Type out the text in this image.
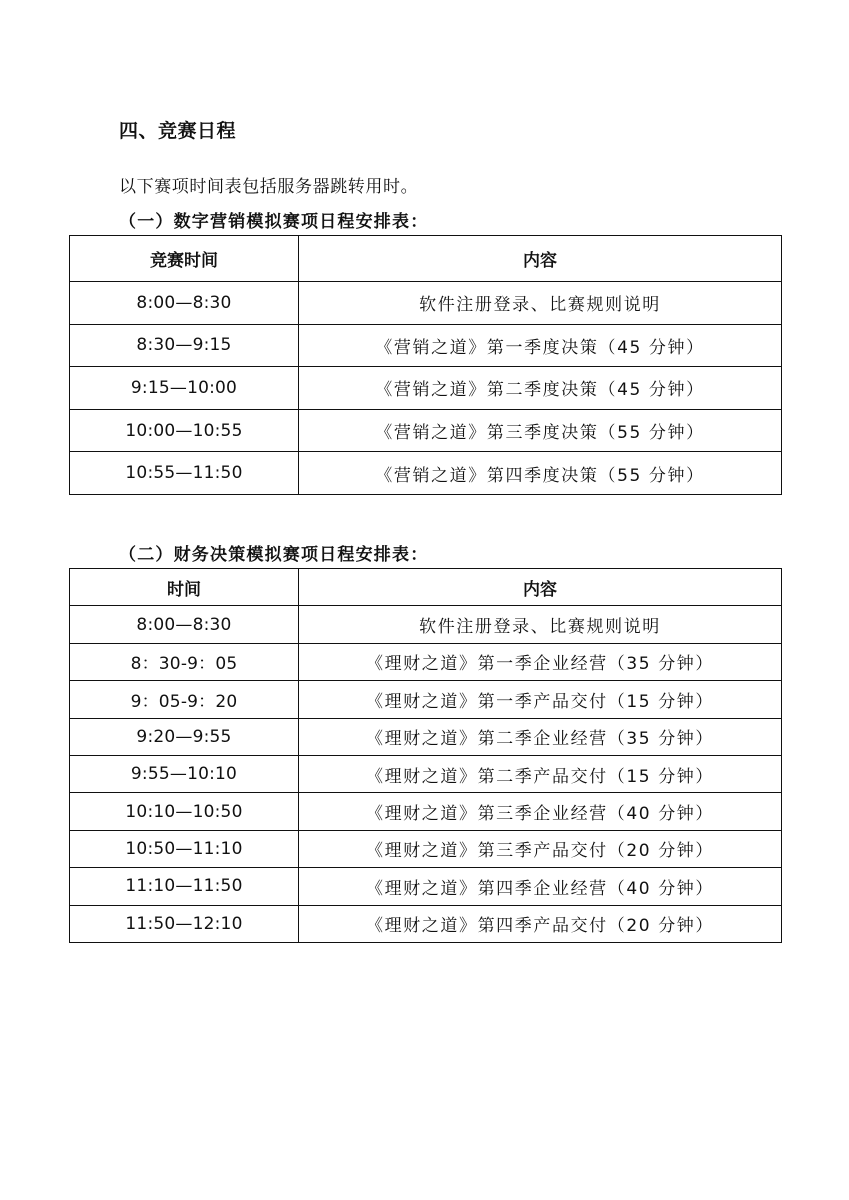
四、竞赛日程
以下赛项时间表包括服务器跳转用时。
（一）数字营销模拟赛项日程安排表：
竞赛时间	内容
8:00—8:30	软件注册登录、比赛规则说明
8:30—9:15	《营销之道》第一季度决策（45 分钟）
9:15—10:00	《营销之道》第二季度决策（45 分钟）
10:00—10:55	《营销之道》第三季度决策（55 分钟）
10:55—11:50	《营销之道》第四季度决策（55 分钟）
（二）财务决策模拟赛项日程安排表：
时间	内容
8:00—8:30	软件注册登录、比赛规则说明
8：30-9：05	《理财之道》第一季企业经营（35 分钟）
9：05-9：20	《理财之道》第一季产品交付（15 分钟）
9:20—9:55	《理财之道》第二季企业经营（35 分钟）
9:55—10:10	《理财之道》第二季产品交付（15 分钟）
10:10—10:50	《理财之道》第三季企业经营（40 分钟）
10:50—11:10	《理财之道》第三季产品交付（20 分钟）
11:10—11:50	《理财之道》第四季企业经营（40 分钟）
11:50—12:10	《理财之道》第四季产品交付（20 分钟）
